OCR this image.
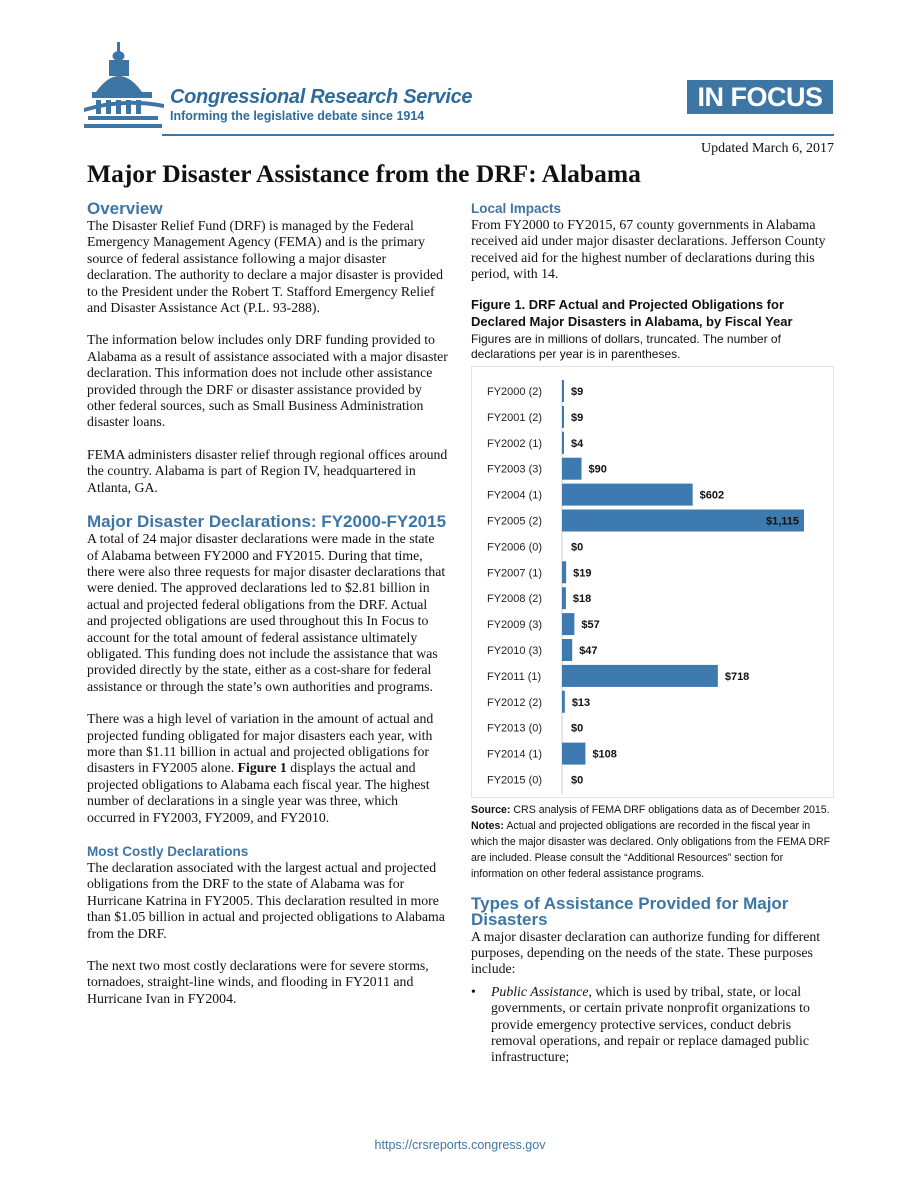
Congressional Research Service
Informing the legislative debate since 1914
IN FOCUS
Updated March 6, 2017
Major Disaster Assistance from the DRF: Alabama
Overview

The Disaster Relief Fund (DRF) is managed by the Federal Emergency Management Agency (FEMA) and is the primary source of federal assistance following a major disaster declaration. The authority to declare a major disaster is provided to the President under the Robert T. Stafford Emergency Relief and Disaster Assistance Act (P.L. 93-288).

The information below includes only DRF funding provided to Alabama as a result of assistance associated with a major disaster declaration. This information does not include other assistance provided through the DRF or disaster assistance provided by other federal sources, such as Small Business Administration disaster loans.

FEMA administers disaster relief through regional offices around the country. Alabama is part of Region IV, headquartered in Atlanta, GA.

Major Disaster Declarations: FY2000-FY2015

A total of 24 major disaster declarations were made in the state of Alabama between FY2000 and FY2015. During that time, there were also three requests for major disaster declarations that were denied. The approved declarations led to $2.81 billion in actual and projected federal obligations from the DRF. Actual and projected obligations are used throughout this In Focus to account for the total amount of federal assistance ultimately obligated. This funding does not include the assistance that was provided directly by the state, either as a cost-share for federal assistance or through the state’s own authorities and programs.

There was a high level of variation in the amount of actual and projected funding obligated for major disasters each year, with more than $1.11 billion in actual and projected obligations for disasters in FY2005 alone. Figure 1 displays the actual and projected obligations to Alabama each fiscal year. The highest number of declarations in a single year was three, which occurred in FY2003, FY2009, and FY2010.

Most Costly Declarations

The declaration associated with the largest actual and projected obligations from the DRF to the state of Alabama was for Hurricane Katrina in FY2005. This declaration resulted in more than $1.05 billion in actual and projected obligations to Alabama from the DRF.

The next two most costly declarations were for severe storms, tornadoes, straight-line winds, and flooding in FY2011 and Hurricane Ivan in FY2004.

Local Impacts

From FY2000 to FY2015, 67 county governments in Alabama received aid under major disaster declarations. Jefferson County received aid for the highest number of declarations during this period, with 14.

Figure 1. DRF Actual and Projected Obligations for Declared Major Disasters in Alabama, by Fiscal Year
Figures are in millions of dollars, truncated. The number of declarations per year is in parentheses.
FY2000 (2)	$9
FY2001 (2)	$9
FY2002 (1)	$4
FY2003 (3)	$90
FY2004 (1)	$602
FY2005 (2)	$1,115
FY2006 (0)	$0
FY2007 (1)	$19
FY2008 (2)	$18
FY2009 (3)	$57
FY2010 (3)	$47
FY2011 (1)	$718
FY2012 (2)	$13
FY2013 (0)	$0
FY2014 (1)	$108
FY2015 (0)	$0
Source: CRS analysis of FEMA DRF obligations data as of December 2015.
Notes: Actual and projected obligations are recorded in the fiscal year in which the major disaster was declared. Only obligations from the FEMA DRF are included. Please consult the “Additional Resources” section for information on other federal assistance programs.
Types of Assistance Provided for Major Disasters

A major disaster declaration can authorize funding for different purposes, depending on the needs of the state. These purposes include:

• Public Assistance, which is used by tribal, state, or local governments, or certain private nonprofit organizations to provide emergency protective services, conduct debris removal operations, and repair or replace damaged public infrastructure;
https://crsreports.congress.gov
